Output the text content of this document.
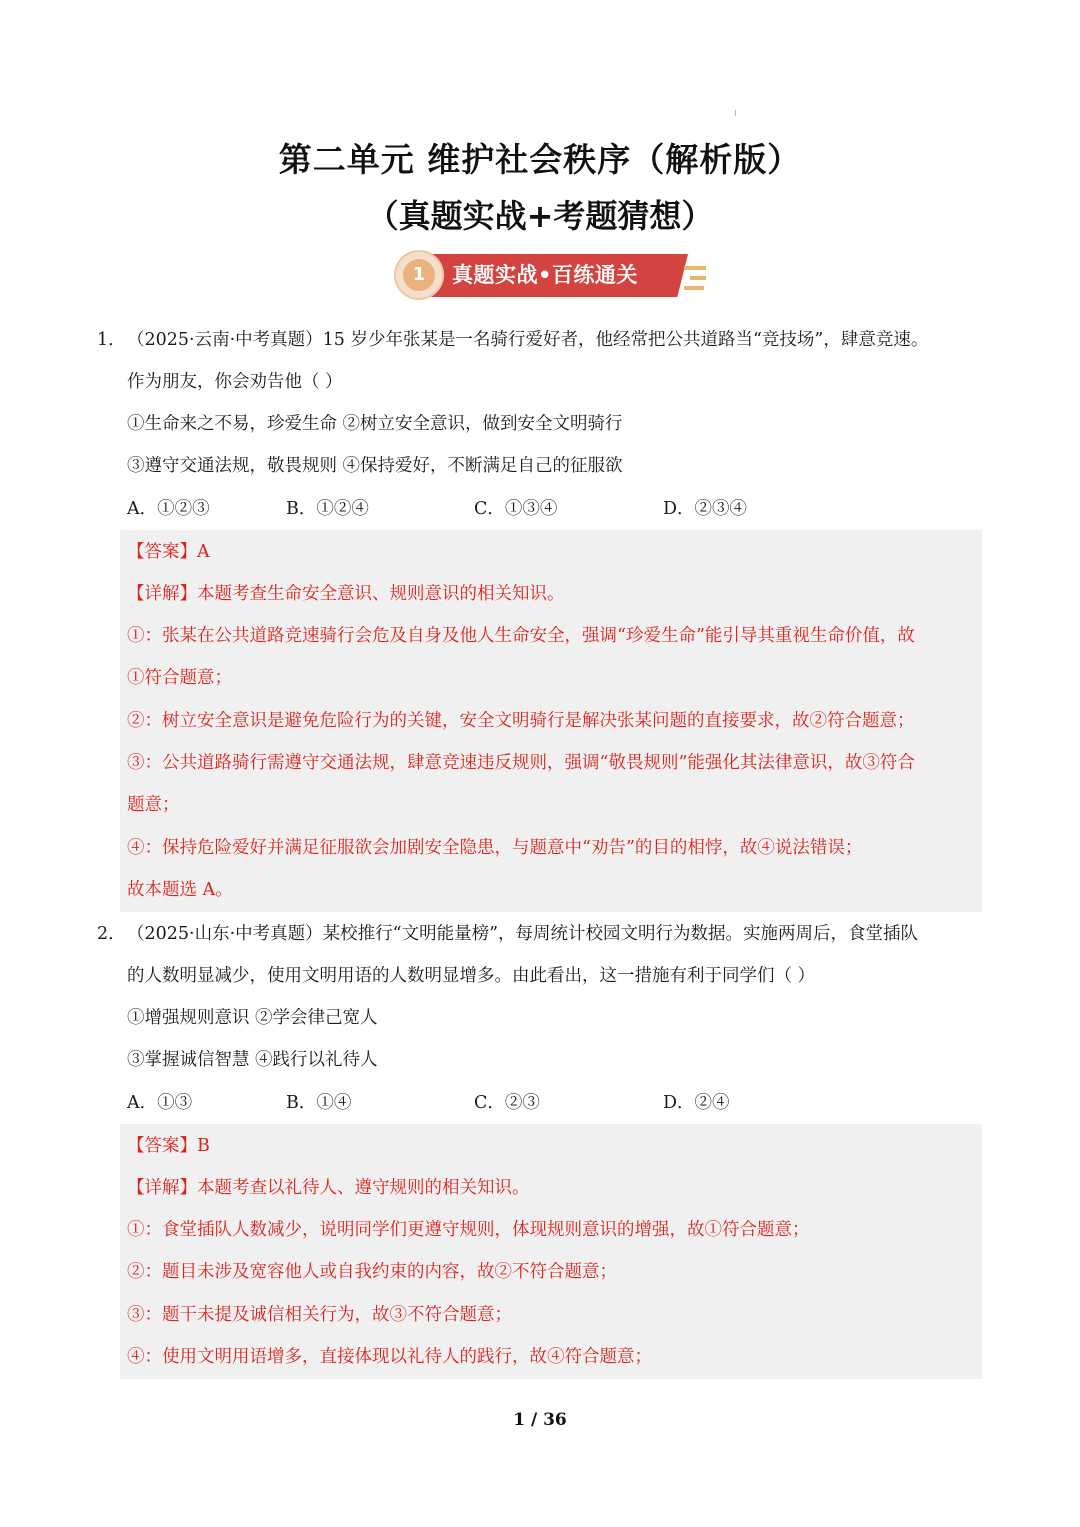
第二单元 维护社会秩序（解析版）
（真题实战+考题猜想）
1	真题实战•百练通关
1． （2025·云南·中考真题）15 岁少年张某是一名骑行爱好者，他经常把公共道路当“竞技场”，肆意竞速。
作为朋友，你会劝告他（ ）
①生命来之不易，珍爱生命 ②树立安全意识，做到安全文明骑行
③遵守交通法规，敬畏规则 ④保持爱好，不断满足自己的征服欲
A．①②③	B．①②④	C．①③④	D．②③④
【答案】A
【详解】本题考查生命安全意识、规则意识的相关知识。
①：张某在公共道路竞速骑行会危及自身及他人生命安全，强调“珍爱生命”能引导其重视生命价值，故
①符合题意；
②：树立安全意识是避免危险行为的关键，安全文明骑行是解决张某问题的直接要求，故②符合题意；
③：公共道路骑行需遵守交通法规，肆意竞速违反规则，强调“敬畏规则”能强化其法律意识，故③符合
题意；
④：保持危险爱好并满足征服欲会加剧安全隐患，与题意中“劝告”的目的相悖，故④说法错误；
故本题选 A。
2． （2025·山东·中考真题）某校推行“文明能量榜”，每周统计校园文明行为数据。实施两周后，食堂插队
的人数明显减少，使用文明用语的人数明显增多。由此看出，这一措施有利于同学们（ ）
①增强规则意识 ②学会律己宽人
③掌握诚信智慧 ④践行以礼待人
A．①③	B．①④	C．②③	D．②④
【答案】B
【详解】本题考查以礼待人、遵守规则的相关知识。
①：食堂插队人数减少，说明同学们更遵守规则，体现规则意识的增强，故①符合题意；
②：题目未涉及宽容他人或自我约束的内容，故②不符合题意；
③：题干未提及诚信相关行为，故③不符合题意；
④：使用文明用语增多，直接体现以礼待人的践行，故④符合题意；
1 / 36
